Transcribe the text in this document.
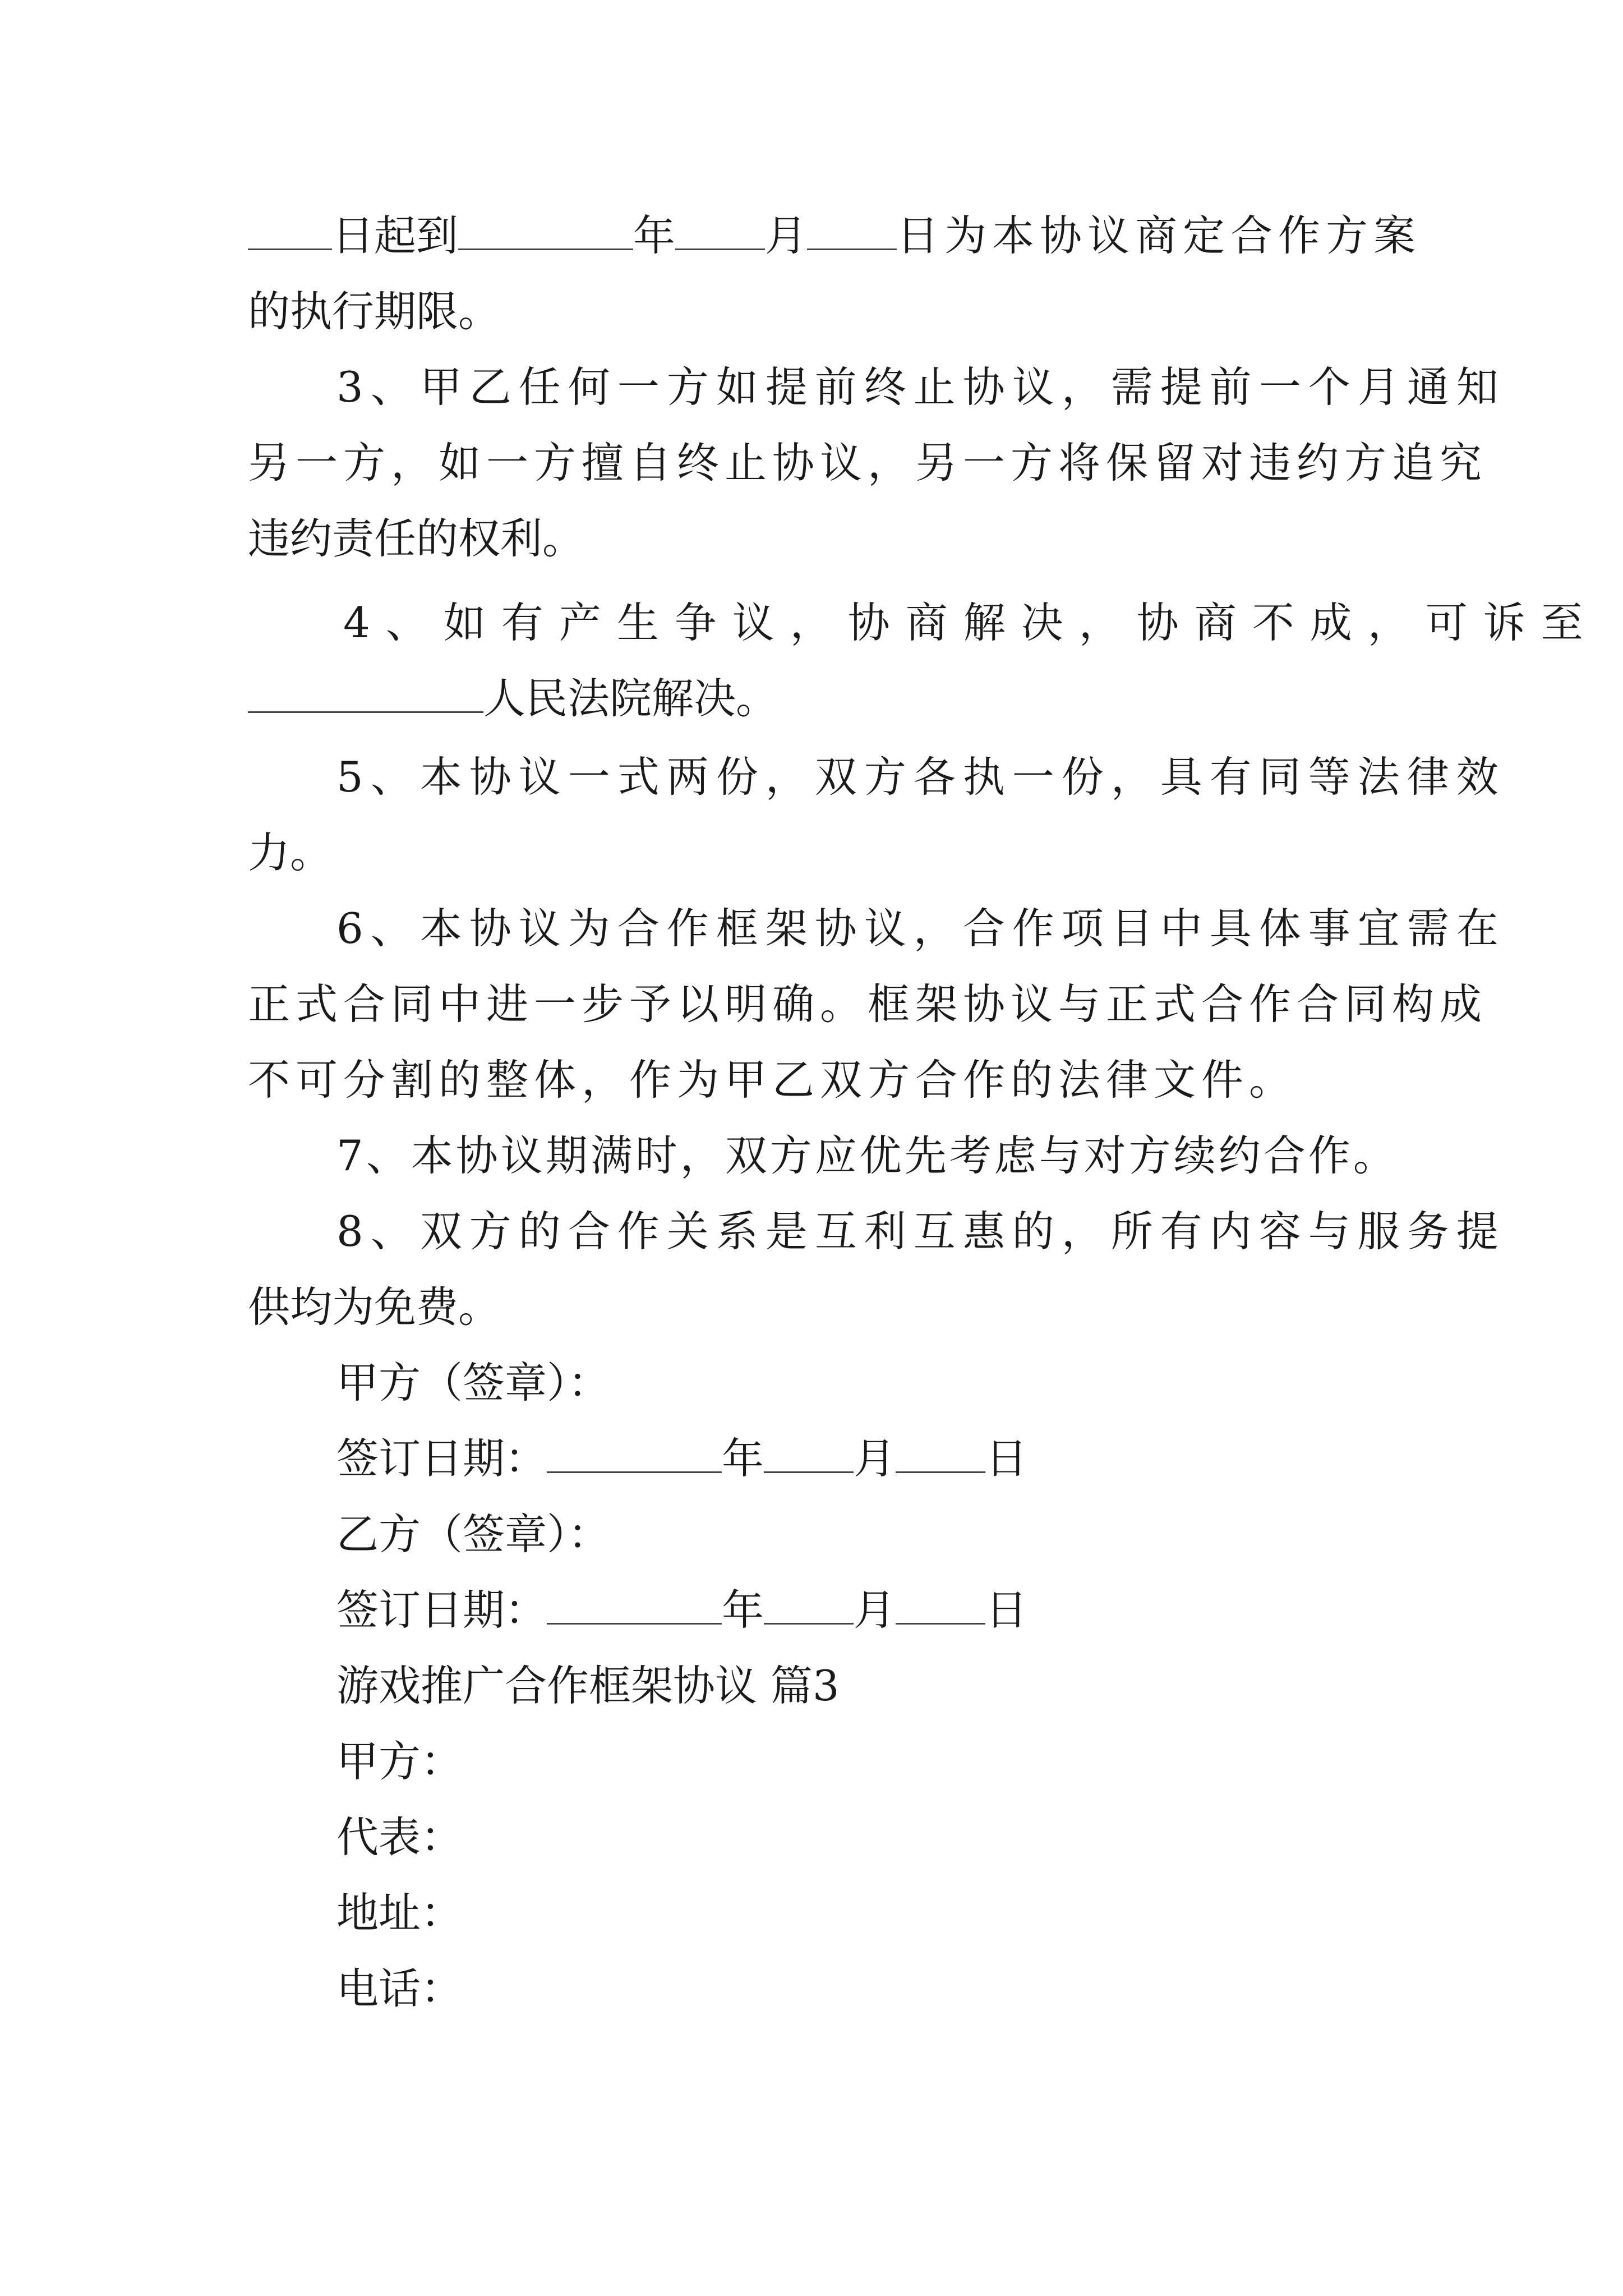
日起到	年 月 日为本协议商定合作方案
的执行期限。
3、甲乙任何一方如提前终止协议，需提前一个月通知
另一方，如一方擅自终止协议，另一方将保留对违约方追究
违约责任的权利。
4、如有产生争议，协商解决，协商不成，可诉至
人民法院解决。
5、本协议一式两份，双方各执一份，具有同等法律效
力。
6、本协议为合作框架协议，合作项目中具体事宜需在
正式合同中进一步予以明确。框架协议与正式合作合同构成
不可分割的整体，作为甲乙双方合作的法律文件。
7、本协议期满时，双方应优先考虑与对方续约合作。
8、双方的合作关系是互利互惠的，所有内容与服务提
供均为免费。
甲方（签章）：
签订日期：	年 月 日
乙方（签章）：
签订日期：	年 月 日
游戏推广合作框架协议 篇3
甲方：
代表：
地址：
电话：
